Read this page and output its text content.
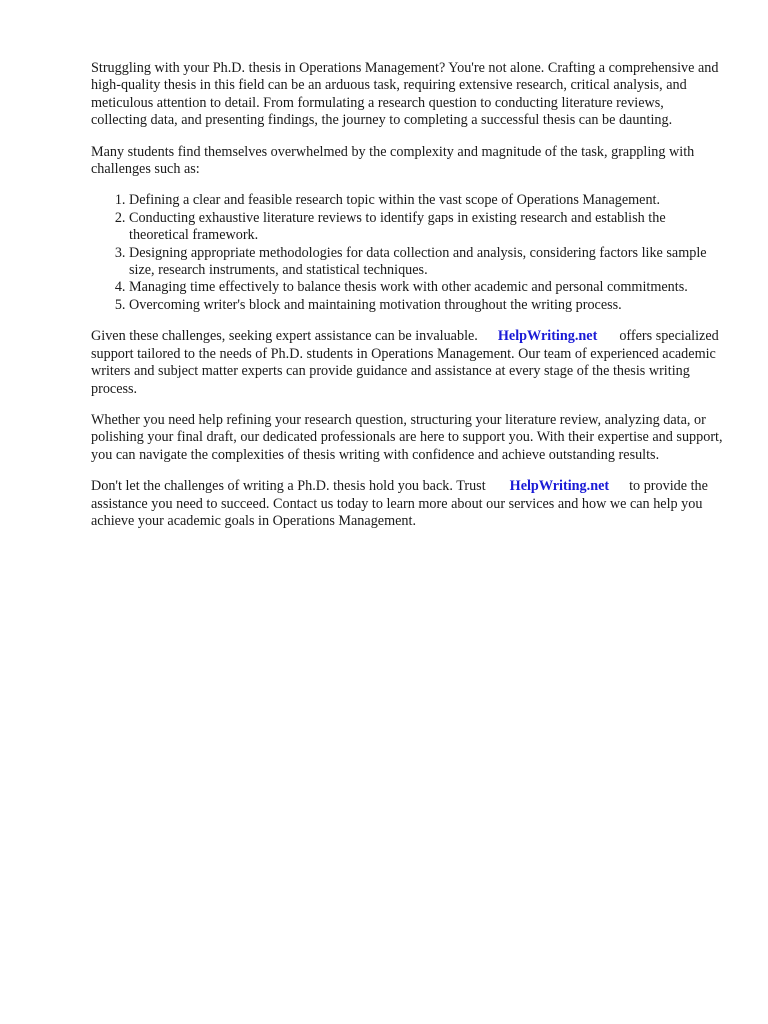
Struggling with your Ph.D. thesis in Operations Management? You're not alone. Crafting a comprehensive and high-quality thesis in this field can be an arduous task, requiring extensive research, critical analysis, and meticulous attention to detail. From formulating a research question to conducting literature reviews, collecting data, and presenting findings, the journey to completing a successful thesis can be daunting.

Many students find themselves overwhelmed by the complexity and magnitude of the task, grappling with challenges such as:

1. Defining a clear and feasible research topic within the vast scope of Operations Management.
2. Conducting exhaustive literature reviews to identify gaps in existing research and establish the theoretical framework.
3. Designing appropriate methodologies for data collection and analysis, considering factors like sample size, research instruments, and statistical techniques.
4. Managing time effectively to balance thesis work with other academic and personal commitments.
5. Overcoming writer's block and maintaining motivation throughout the writing process.

Given these challenges, seeking expert assistance can be invaluable. HelpWriting.net offers specialized support tailored to the needs of Ph.D. students in Operations Management. Our team of experienced academic writers and subject matter experts can provide guidance and assistance at every stage of the thesis writing process.

Whether you need help refining your research question, structuring your literature review, analyzing data, or polishing your final draft, our dedicated professionals are here to support you. With their expertise and support, you can navigate the complexities of thesis writing with confidence and achieve outstanding results.

Don't let the challenges of writing a Ph.D. thesis hold you back. Trust HelpWriting.net to provide the assistance you need to succeed. Contact us today to learn more about our services and how we can help you achieve your academic goals in Operations Management.
